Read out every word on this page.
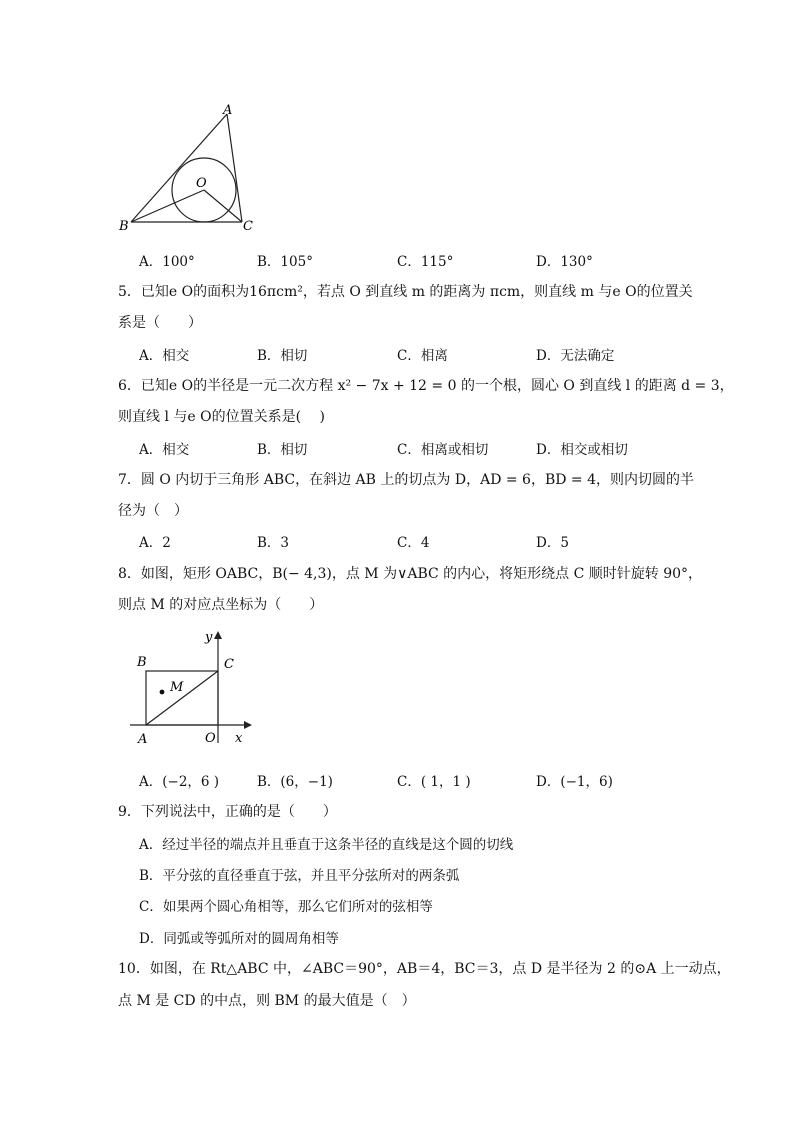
A
B	C
O
A．100°	B．105°	C．115°	D．130°
5．已知e O的面积为16πcm²，若点 O 到直线 m 的距离为 πcm，则直线 m 与e O的位置关
系是（　　）
A．相交	B．相切	C．相离	D．无法确定
6．已知e O的半径是一元二次方程 x² − 7x + 12 = 0 的一个根，圆心 O 到直线 l 的距离 d = 3，
则直线 l 与e O的位置关系是(　 )
A．相交	B．相切	C．相离或相切	D．相交或相切
7．圆 O 内切于三角形 ABC，在斜边 AB 上的切点为 D，AD = 6，BD = 4，则内切圆的半
径为（　）
A．2	B．3	C．4	D．5
8．如图，矩形 OABC，B(− 4,3)，点 M 为∨ABC 的内心，将矩形绕点 C 顺时针旋转 90°，
则点 M 的对应点坐标为（　　）
y
x
B	C
M
A	O
A．(−2，6 )	B．(6，−1)	C．( 1，1 )	D．(−1，6)
9．下列说法中，正确的是（　　）
A．经过半径的端点并且垂直于这条半径的直线是这个圆的切线
B．平分弦的直径垂直于弦，并且平分弦所对的两条弧
C．如果两个圆心角相等，那么它们所对的弦相等
D．同弧或等弧所对的圆周角相等
10．如图，在 Rt△ABC 中，∠ABC＝90°，AB＝4，BC＝3，点 D 是半径为 2 的⊙A 上一动点，
点 M 是 CD 的中点，则 BM 的最大值是（　）
